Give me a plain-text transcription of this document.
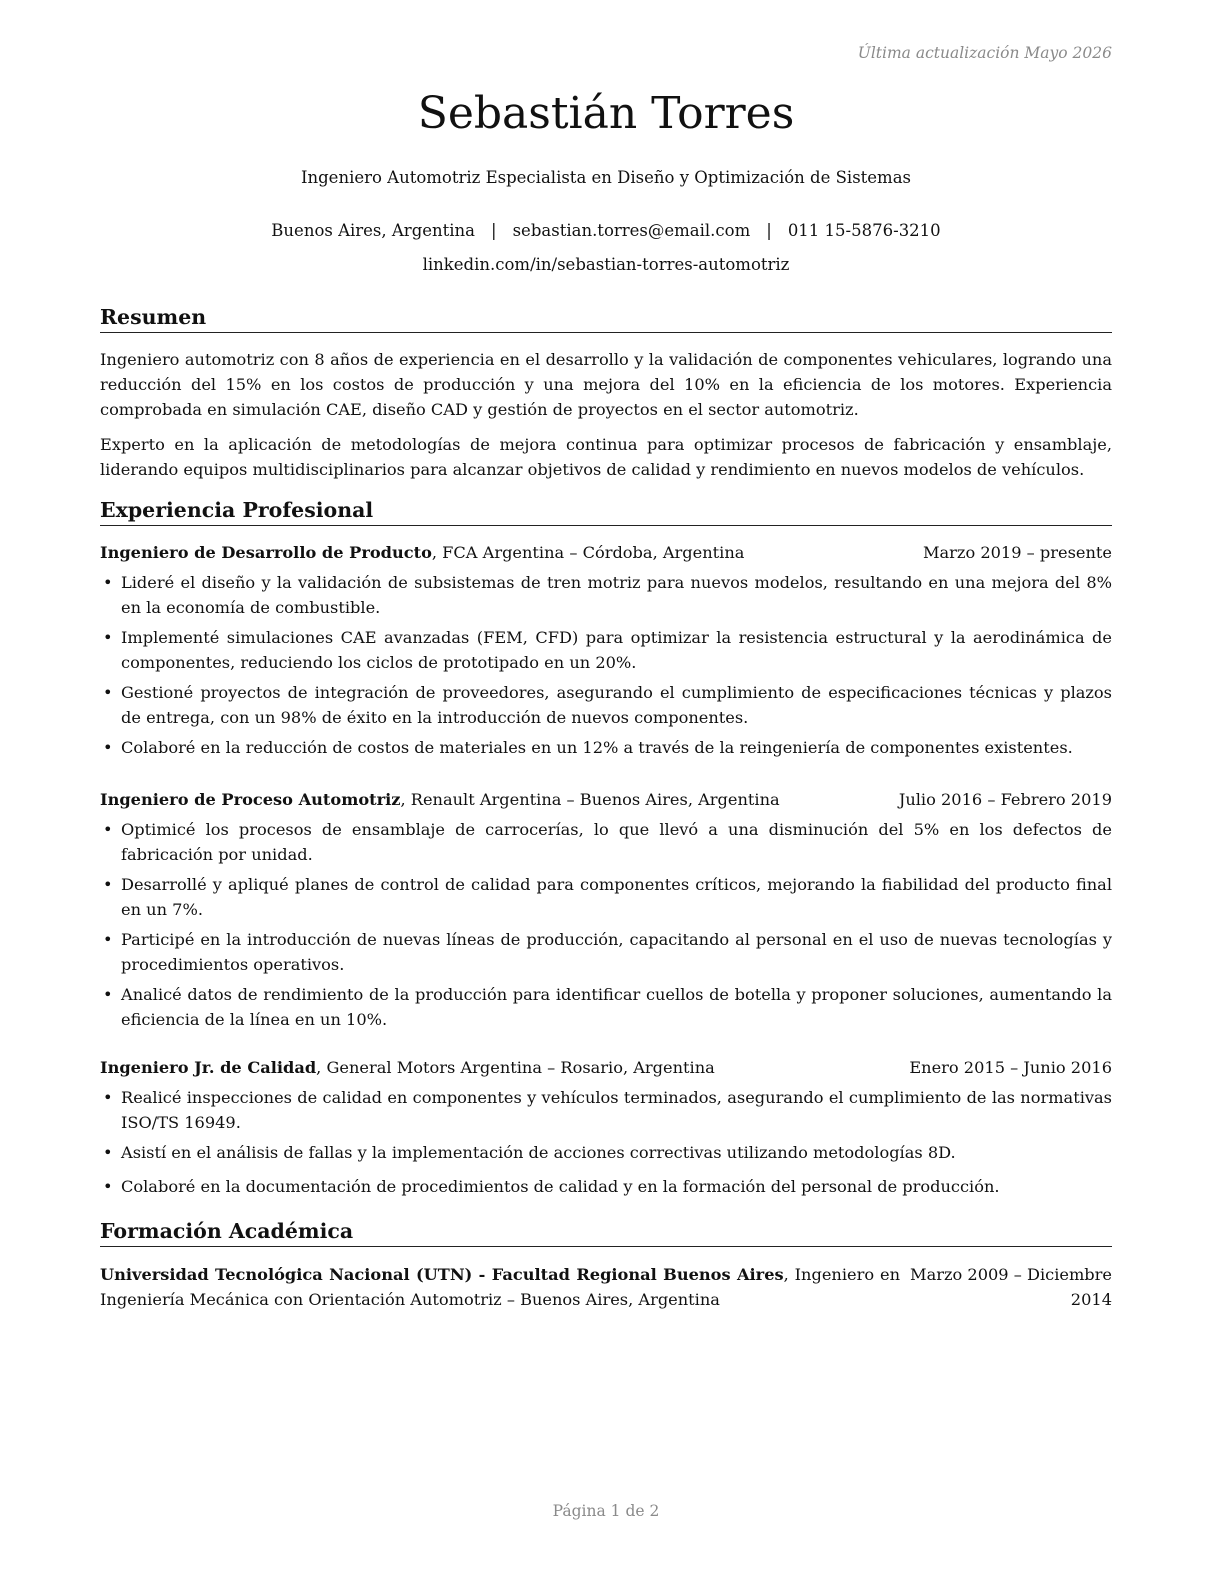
Última actualización Mayo 2026
Sebastián Torres
Ingeniero Automotriz Especialista en Diseño y Optimización de Sistemas
Buenos Aires, Argentina | sebastian.torres@email.com | 011 15-5876-3210
linkedin.com/in/sebastian-torres-automotriz
Resumen

Ingeniero automotriz con 8 años de experiencia en el desarrollo y la validación de componentes vehiculares, logrando una reducción del 15% en los costos de producción y una mejora del 10% en la eficiencia de los motores. Experiencia comprobada en simulación CAE, diseño CAD y gestión de proyectos en el sector automotriz.

Experto en la aplicación de metodologías de mejora continua para optimizar procesos de fabricación y ensamblaje, liderando equipos multidisciplinarios para alcanzar objetivos de calidad y rendimiento en nuevos modelos de vehículos.

Experiencia Profesional
Ingeniero de Desarrollo de Producto, FCA Argentina – Córdoba, Argentina	Marzo 2019 – presente
• Lideré el diseño y la validación de subsistemas de tren motriz para nuevos modelos, resultando en una mejora del 8% en la economía de combustible.
• Implementé simulaciones CAE avanzadas (FEM, CFD) para optimizar la resistencia estructural y la aerodinámica de componentes, reduciendo los ciclos de prototipado en un 20%.
• Gestioné proyectos de integración de proveedores, asegurando el cumplimiento de especificaciones técnicas y plazos de entrega, con un 98% de éxito en la introducción de nuevos componentes.
• Colaboré en la reducción de costos de materiales en un 12% a través de la reingeniería de componentes existentes.
Ingeniero de Proceso Automotriz, Renault Argentina – Buenos Aires, Argentina	Julio 2016 – Febrero 2019
• Optimicé los procesos de ensamblaje de carrocerías, lo que llevó a una disminución del 5% en los defectos de fabricación por unidad.
• Desarrollé y apliqué planes de control de calidad para componentes críticos, mejorando la fiabilidad del producto final en un 7%.
• Participé en la introducción de nuevas líneas de producción, capacitando al personal en el uso de nuevas tecnologías y procedimientos operativos.
• Analicé datos de rendimiento de la producción para identificar cuellos de botella y proponer soluciones, aumentando la eficiencia de la línea en un 10%.
Ingeniero Jr. de Calidad, General Motors Argentina – Rosario, Argentina	Enero 2015 – Junio 2016
• Realicé inspecciones de calidad en componentes y vehículos terminados, asegurando el cumplimiento de las normativas ISO/TS 16949.
• Asistí en el análisis de fallas y la implementación de acciones correctivas utilizando metodologías 8D.
• Colaboré en la documentación de procedimientos de calidad y en la formación del personal de producción.
Formación Académica
Universidad Tecnológica Nacional (UTN) - Facultad Regional Buenos Aires, Ingeniero en Ingeniería Mecánica con Orientación Automotriz – Buenos Aires, Argentina
Marzo 2009 – Diciembre 2014
Página 1 de 2
